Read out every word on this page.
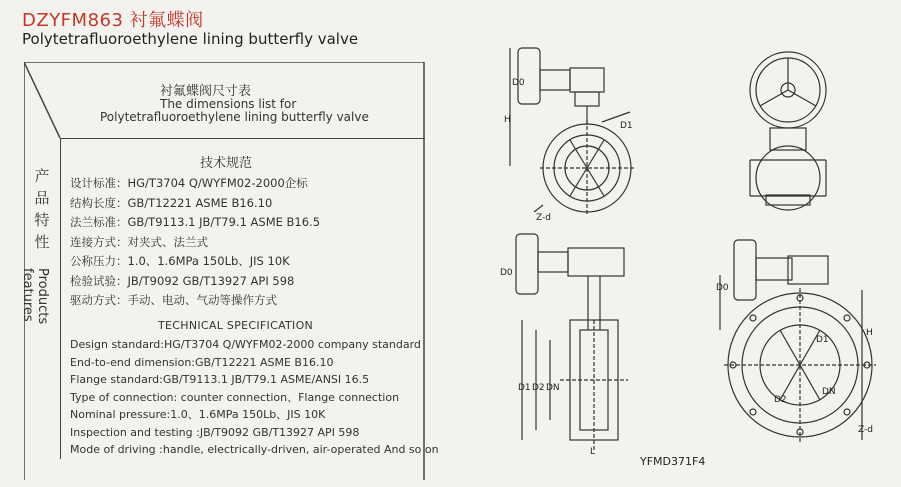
DZYFM863 衬氟蝶阀
Polytetrafluoroethylene lining butterfly valve
衬氟蝶阀尺寸表
The dimensions list for
Polytetrafluoroethylene lining butterfly valve
产
品
特
性
Products features
技术规范
设计标准：HG/T3704 Q/WYFM02-2000企标
结构长度：GB/T12221 ASME B16.10
法兰标准：GB/T9113.1 JB/T79.1 ASME B16.5
连接方式：对夹式、法兰式
公称压力：1.0、1.6MPa 150Lb、JIS 10K
检验试验：JB/T9092 GB/T13927 API 598
驱动方式：手动、电动、气动等操作方式
TECHNICAL SPECIFICATION
Design standard:HG/T3704 Q/WYFM02-2000 company standard
End-to-end dimension:GB/T12221 ASME B16.10
Flange standard:GB/T9113.1 JB/T79.1 ASME/ANSI 16.5
Type of connection: counter connection、Flange connection
Nominal pressure:1.0、1.6MPa 150Lb、JIS 10K
Inspection and testing :JB/T9092 GB/T13927 API 598
Mode of driving :handle, electrically-driven, air-operated And so on
H
D0
D1
Z-d
D0
D1 D2 DN
L
D0
H
D1
D2
DN
Z-d
YFMD371F4
